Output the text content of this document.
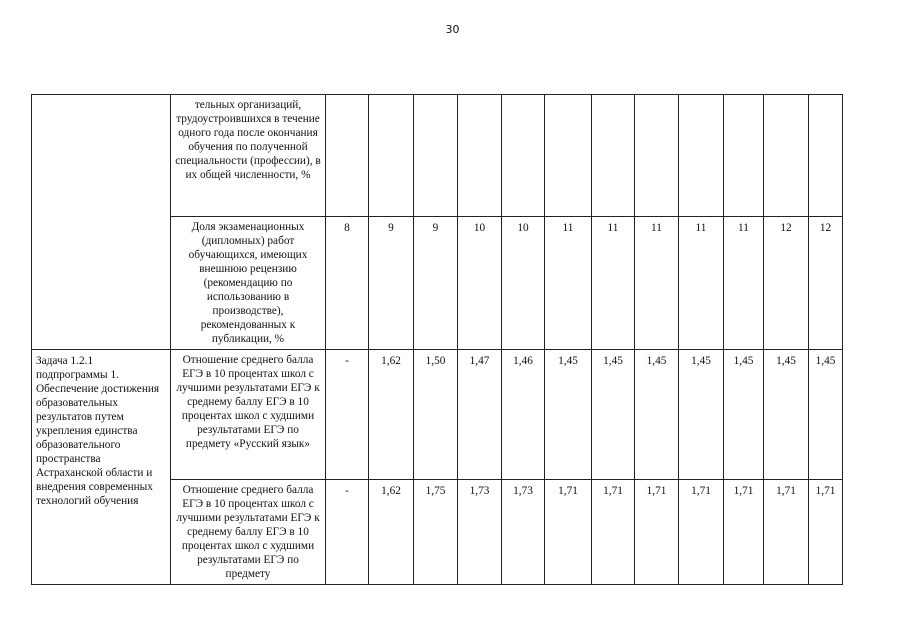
30
	тельных организаций, трудоустроившихся в течение одного года после окончания обучения по полученной специальности (профессии), в их общей численности, %												
	Доля экзаменационных (дипломных) работ обучающихся, имеющих внешнюю рецензию (рекомендацию по использованию в производстве), рекомендованных к публикации, %	8	9	9	10	10	11	11	11	11	11	12	12
Задача 1.2.1 подпрограммы 1. Обеспечение достижения образовательных результатов путем укрепления единства образовательного пространства Астраханской области и внедрения современных технологий обучения	Отношение среднего балла ЕГЭ в 10 процентах школ с лучшими результатами ЕГЭ к среднему баллу ЕГЭ в 10 процентах школ с худшими результатами ЕГЭ по предмету «Русский язык»	-	1,62	1,50	1,47	1,46	1,45	1,45	1,45	1,45	1,45	1,45	1,45
	Отношение среднего балла ЕГЭ в 10 процентах школ с лучшими результатами ЕГЭ к среднему баллу ЕГЭ в 10 процентах школ с худшими результатами ЕГЭ по предмету	-	1,62	1,75	1,73	1,73	1,71	1,71	1,71	1,71	1,71	1,71	1,71
